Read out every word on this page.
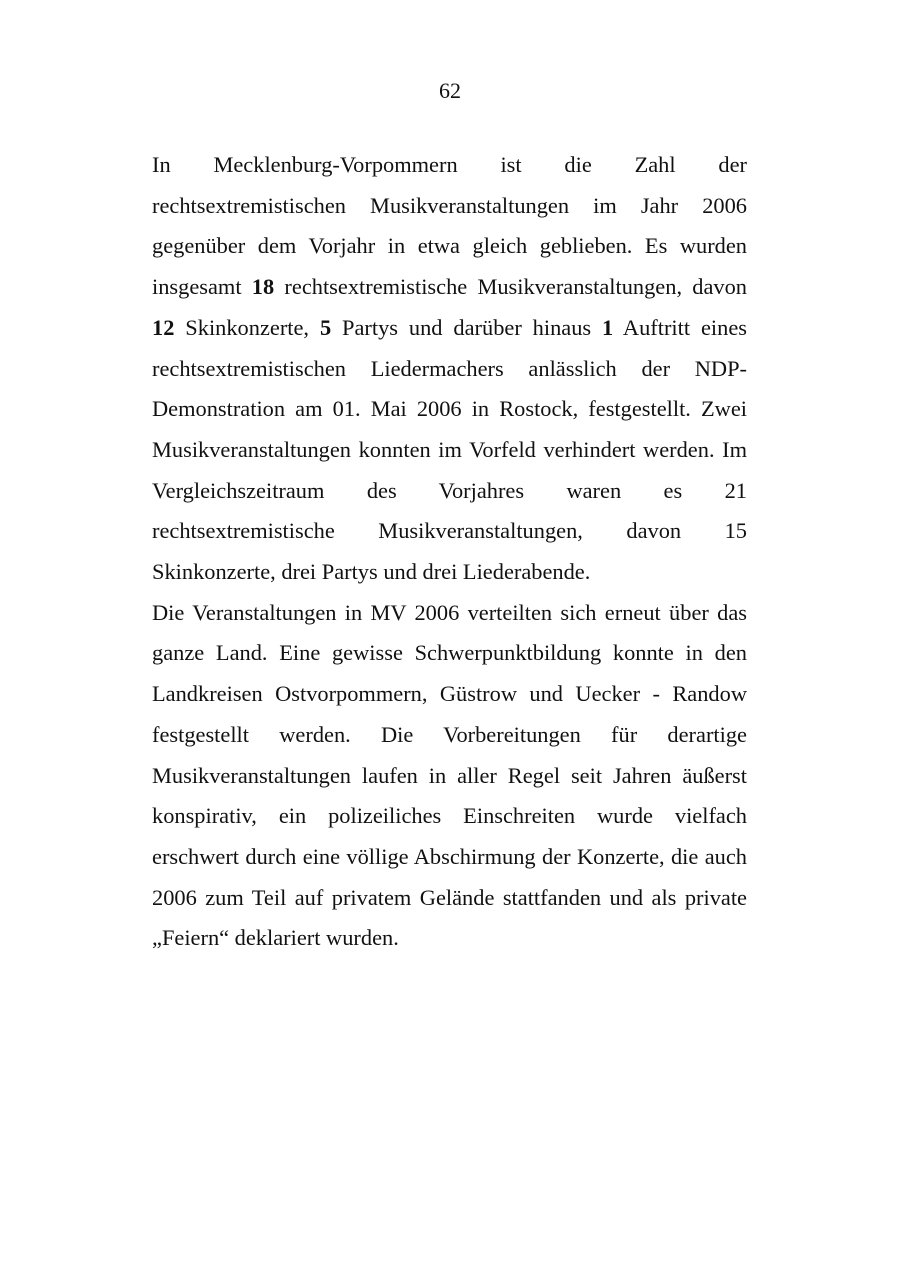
62

In Mecklenburg-Vorpommern ist die Zahl der rechtsextremistischen Musikveranstaltungen im Jahr 2006 gegenüber dem Vorjahr in etwa gleich geblieben. Es wurden insgesamt 18 rechtsextremistische Musikveranstaltungen, davon 12 Skinkonzerte, 5 Partys und darüber hinaus 1 Auftritt eines rechtsextremistischen Liedermachers anlässlich der NDP- Demonstration am 01. Mai 2006 in Rostock, festgestellt. Zwei Musikveranstaltungen konnten im Vorfeld verhindert werden. Im Vergleichszeitraum des Vorjahres waren es 21 rechtsextremistische Musikveranstaltungen, davon 15 Skinkonzerte, drei Partys und drei Liederabende.

Die Veranstaltungen in MV 2006 verteilten sich erneut über das ganze Land. Eine gewisse Schwerpunktbildung konnte in den Landkreisen Ostvorpommern, Güstrow und Uecker - Randow festgestellt werden. Die Vorbereitungen für derartige Musikveranstaltungen laufen in aller Regel seit Jahren äußerst konspirativ, ein polizeiliches Einschreiten wurde vielfach erschwert durch eine völlige Abschirmung der Konzerte, die auch 2006 zum Teil auf privatem Gelände stattfanden und als private „Feiern“ deklariert wurden.
